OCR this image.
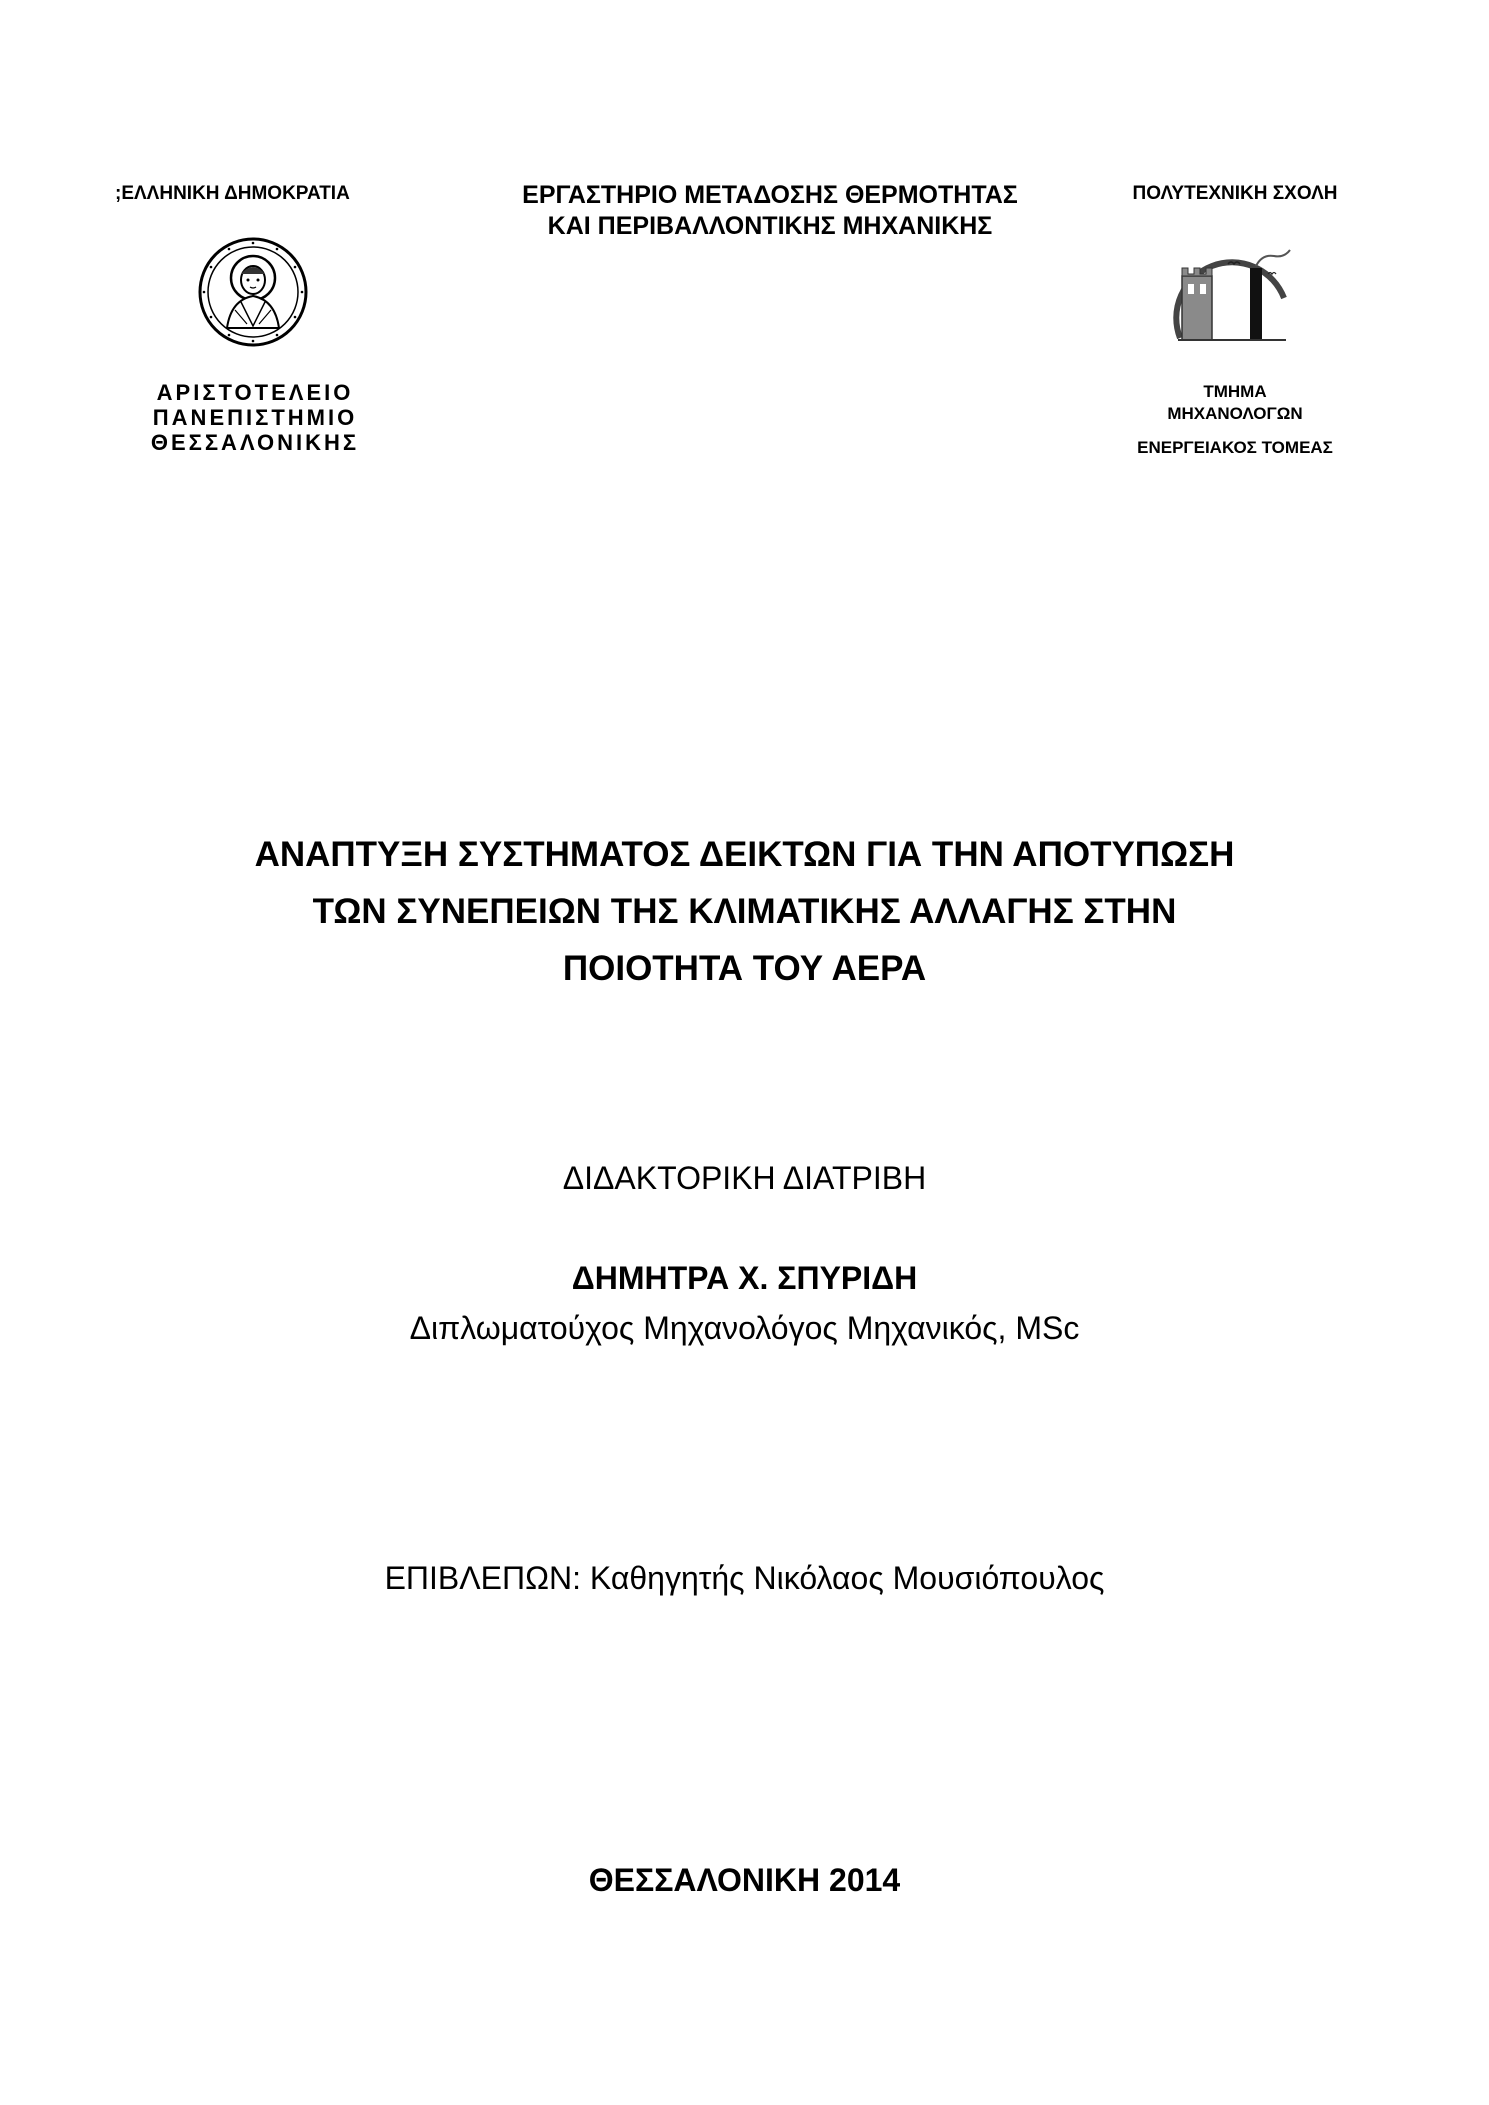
;ΕΛΛΗΝΙΚΗ ΔΗΜΟΚΡΑΤΙΑ
ΑΡΙΣΤΟΤΕΛΕΙΟ
ΠΑΝΕΠΙΣΤΗΜΙΟ
ΘΕΣΣΑΛΟΝΙΚΗΣ
ΕΡΓΑΣΤΗΡΙΟ ΜΕΤΑΔΟΣΗΣ ΘΕΡΜΟΤΗΤΑΣ
ΚΑΙ ΠΕΡΙΒΑΛΛΟΝΤΙΚΗΣ ΜΗΧΑΝΙΚΗΣ
ΠΟΛΥΤΕΧΝΙΚΗ ΣΧΟΛΗ
ΤΜΗΜΑ
ΜΗΧΑΝΟΛΟΓΩΝ
ΕΝΕΡΓΕΙΑΚΟΣ ΤΟΜΕΑΣ
ΑΝΑΠΤΥΞΗ ΣΥΣΤΗΜΑΤΟΣ ΔΕΙΚΤΩΝ ΓΙΑ ΤΗΝ ΑΠΟΤΥΠΩΣΗ
ΤΩΝ ΣΥΝΕΠΕΙΩΝ ΤΗΣ ΚΛΙΜΑΤΙΚΗΣ ΑΛΛΑΓΗΣ ΣΤΗΝ
ΠΟΙΟΤΗΤΑ ΤΟΥ ΑΕΡΑ
ΔΙΔΑΚΤΟΡΙΚΗ ΔΙΑΤΡΙΒΗ
ΔΗΜΗΤΡΑ Χ. ΣΠΥΡΙΔΗ
Διπλωματούχος Μηχανολόγος Μηχανικός, MSc
ΕΠΙΒΛΕΠΩΝ: Καθηγητής Νικόλαος Μουσιόπουλος
ΘΕΣΣΑΛΟΝΙΚΗ 2014
